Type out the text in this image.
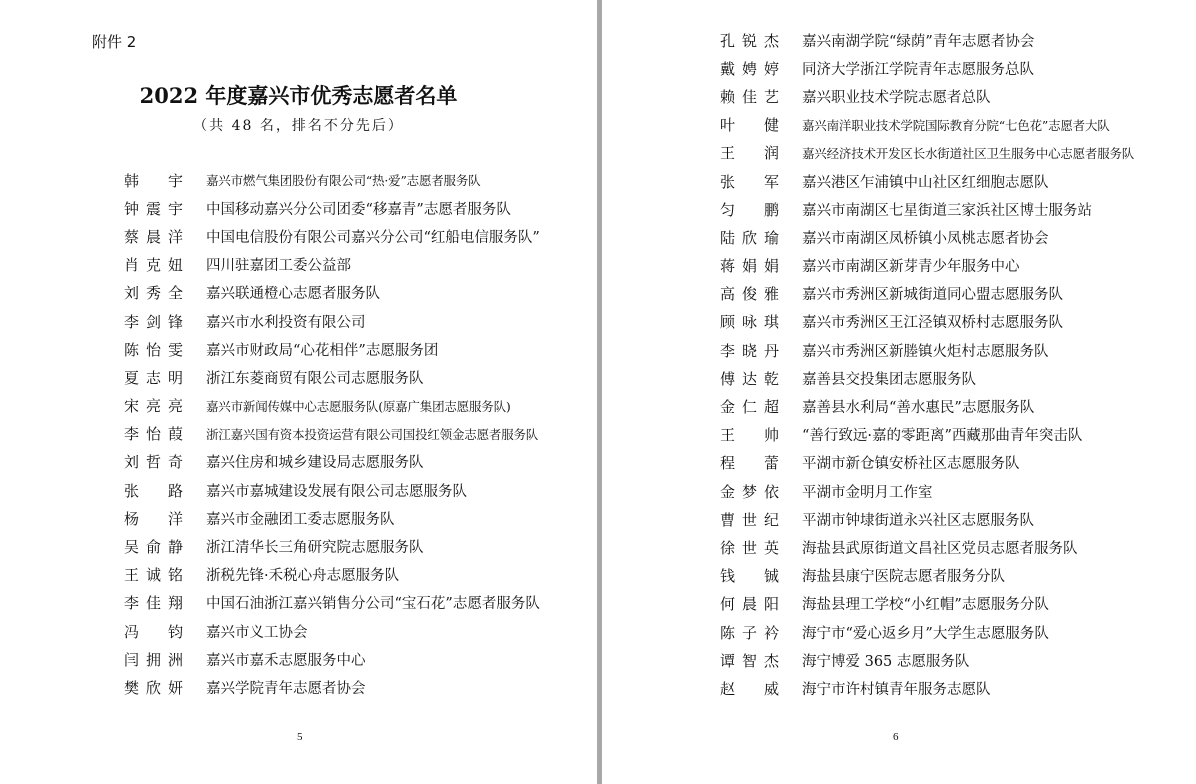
附件 2
2022 年度嘉兴市优秀志愿者名单
（共 48 名，排名不分先后）
韩 宇 嘉兴市燃气集团股份有限公司“热·爱”志愿者服务队
钟震宇 中国移动嘉兴分公司团委“移嘉青”志愿者服务队
蔡晨洋 中国电信股份有限公司嘉兴分公司“红船电信服务队”
肖克妞 四川驻嘉团工委公益部
刘秀全 嘉兴联通橙心志愿者服务队
李剑锋 嘉兴市水利投资有限公司
陈怡雯 嘉兴市财政局“心花相伴”志愿服务团
夏志明 浙江东菱商贸有限公司志愿服务队
宋亮亮 嘉兴市新闻传媒中心志愿服务队(原嘉广集团志愿服务队)
李怡葭 浙江嘉兴国有资本投资运营有限公司国投红领金志愿者服务队
刘哲奇 嘉兴住房和城乡建设局志愿服务队
张 路 嘉兴市嘉城建设发展有限公司志愿服务队
杨 洋 嘉兴市金融团工委志愿服务队
吴俞静 浙江清华长三角研究院志愿服务队
王诚铭 浙税先锋·禾税心舟志愿服务队
李佳翔 中国石油浙江嘉兴销售分公司“宝石花”志愿者服务队
冯 钧 嘉兴市义工协会
闫拥洲 嘉兴市嘉禾志愿服务中心
樊欣妍 嘉兴学院青年志愿者协会
5
孔锐杰 嘉兴南湖学院“绿荫”青年志愿者协会
戴娉婷 同济大学浙江学院青年志愿服务总队
赖佳艺 嘉兴职业技术学院志愿者总队
叶 健 嘉兴南洋职业技术学院国际教育分院“七色花”志愿者大队
王 润 嘉兴经济技术开发区长水街道社区卫生服务中心志愿者服务队
张 军 嘉兴港区乍浦镇中山社区红细胞志愿队
匀 鹏 嘉兴市南湖区七星街道三家浜社区博士服务站
陆欣瑜 嘉兴市南湖区凤桥镇小凤桃志愿者协会
蒋娟娟 嘉兴市南湖区新芽青少年服务中心
高俊雅 嘉兴市秀洲区新城街道同心盟志愿服务队
顾咏琪 嘉兴市秀洲区王江泾镇双桥村志愿服务队
李晓丹 嘉兴市秀洲区新塍镇火炬村志愿服务队
傅达乾 嘉善县交投集团志愿服务队
金仁超 嘉善县水利局“善水惠民”志愿服务队
王 帅 “善行致远·嘉的零距离”西藏那曲青年突击队
程 蕾 平湖市新仓镇安桥社区志愿服务队
金梦依 平湖市金明月工作室
曹世纪 平湖市钟埭街道永兴社区志愿服务队
徐世英 海盐县武原街道文昌社区党员志愿者服务队
钱 铖 海盐县康宁医院志愿者服务分队
何晨阳 海盐县理工学校“小红帽”志愿服务分队
陈子衿 海宁市“爱心返乡月”大学生志愿服务队
谭智杰 海宁博爱 365 志愿服务队
赵 威 海宁市许村镇青年服务志愿队
6
